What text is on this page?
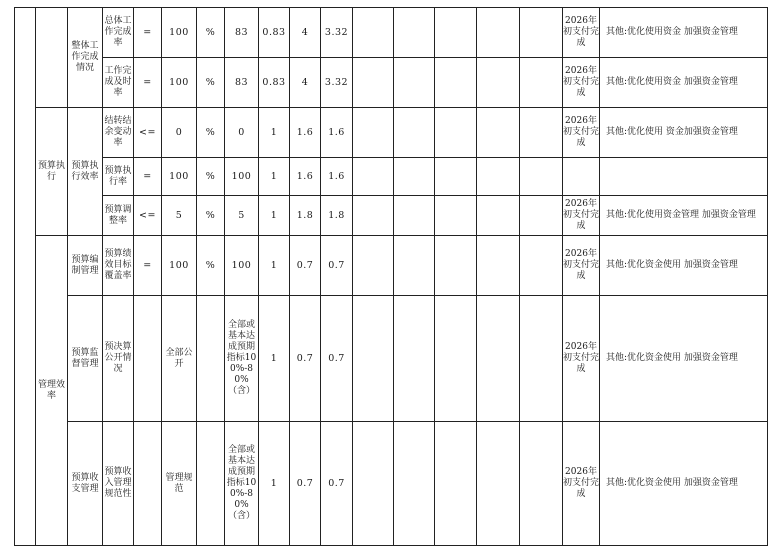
		整体工作完成情况	总体工作完成率	=	100	%	83	0.83	4	3.32						2026年初支付完成	其他:优化使用资金 加强资金管理
			工作完成及时率	=	100	%	83	0.83	4	3.32						2026年初支付完成	其他:优化使用资金 加强资金管理
	预算执行	预算执行效率	结转结余变动率	<=	0	%	0	1	1.6	1.6						2026年初支付完成	其他:优化使用 资金加强资金管理
			预算执行率	=	100	%	100	1	1.6	1.6							
			预算调整率	<=	5	%	5	1	1.8	1.8						2026年初支付完成	其他:优化使用资金管理 加强资金管理
	管理效率	预算编制管理	预算绩效目标覆盖率	=	100	%	100	1	0.7	0.7						2026年初支付完成	其他:优化资金使用 加强资金管理
		预算监督管理	预决算公开情况		全部公开		全部或基本达成预期指标100%-80%（含）	1	0.7	0.7						2026年初支付完成	其他:优化资金使用 加强资金管理
		预算收支管理	预算收入管理规范性		管理规范		全部或基本达成预期指标100%-80%（含）	1	0.7	0.7						2026年初支付完成	其他:优化资金使用 加强资金管理
